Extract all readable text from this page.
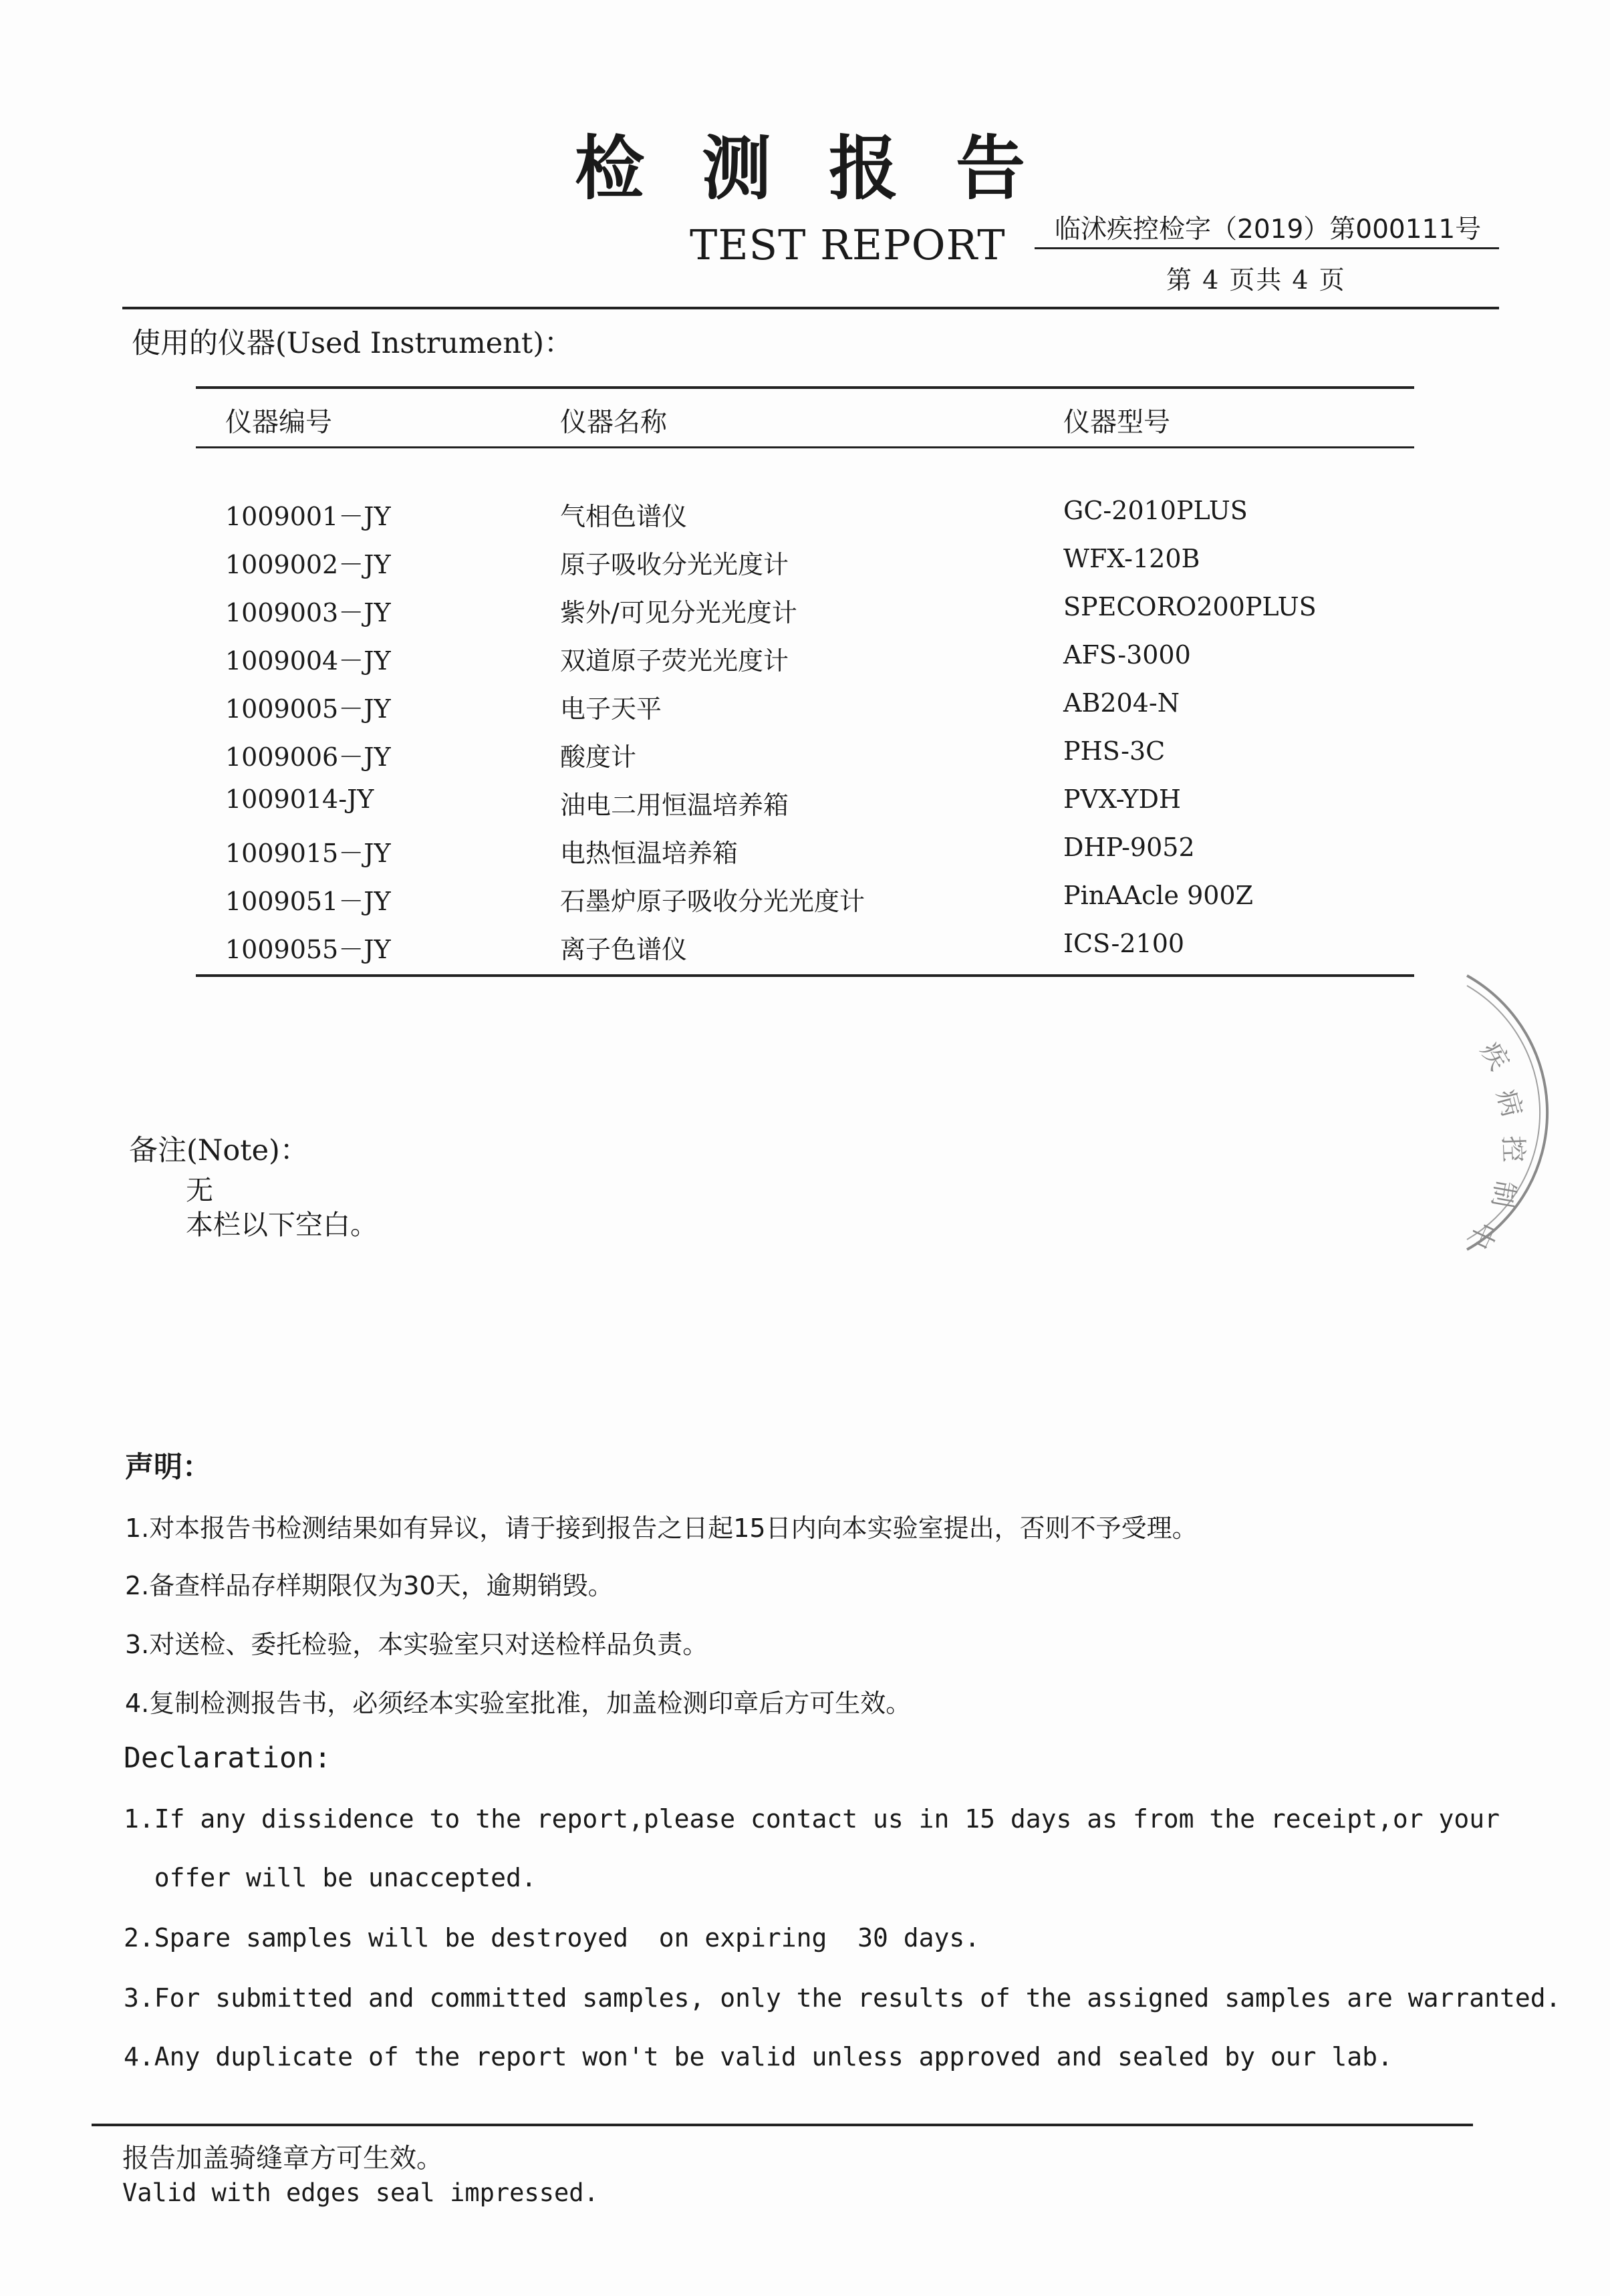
检测报告
TEST REPORT 临沭疾控检字（2019）第000111号
第 4 页共 4 页
使用的仪器(Used Instrument)：
仪器编号	仪器名称	仪器型号
1009001－JY	气相色谱仪	GC-2010PLUS
1009002－JY	原子吸收分光光度计	WFX-120B
1009003－JY	紫外/可见分光光度计	SPECORO200PLUS
1009004－JY	双道原子荧光光度计	AFS-3000
1009005－JY	电子天平	AB204-N
1009006－JY	酸度计	PHS-3C
1009014-JY	油电二用恒温培养箱	PVX-YDH
1009015－JY	电热恒温培养箱	DHP-9052
1009051－JY	石墨炉原子吸收分光光度计	PinAAcle 900Z
1009055－JY	离子色谱仪	ICS-2100
备注(Note)：
无
本栏以下空白。
声明：
1.对本报告书检测结果如有异议，请于接到报告之日起15日内向本实验室提出，否则不予受理。
2.备查样品存样期限仅为30天，逾期销毁。
3.对送检、委托检验，本实验室只对送检样品负责。
4.复制检测报告书，必须经本实验室批准，加盖检测印章后方可生效。
Declaration:
1.If any dissidence to the report,please contact us in 15 days as from the receipt,or your
offer will be unaccepted.
2.Spare samples will be destroyed  on expiring  30 days.
3.For submitted and committed samples, only the results of the assigned samples are warranted.
4.Any duplicate of the report won't be valid unless approved and sealed by our lab.
报告加盖骑缝章方可生效。
Valid with edges seal impressed.
疾
病
控
制
中
